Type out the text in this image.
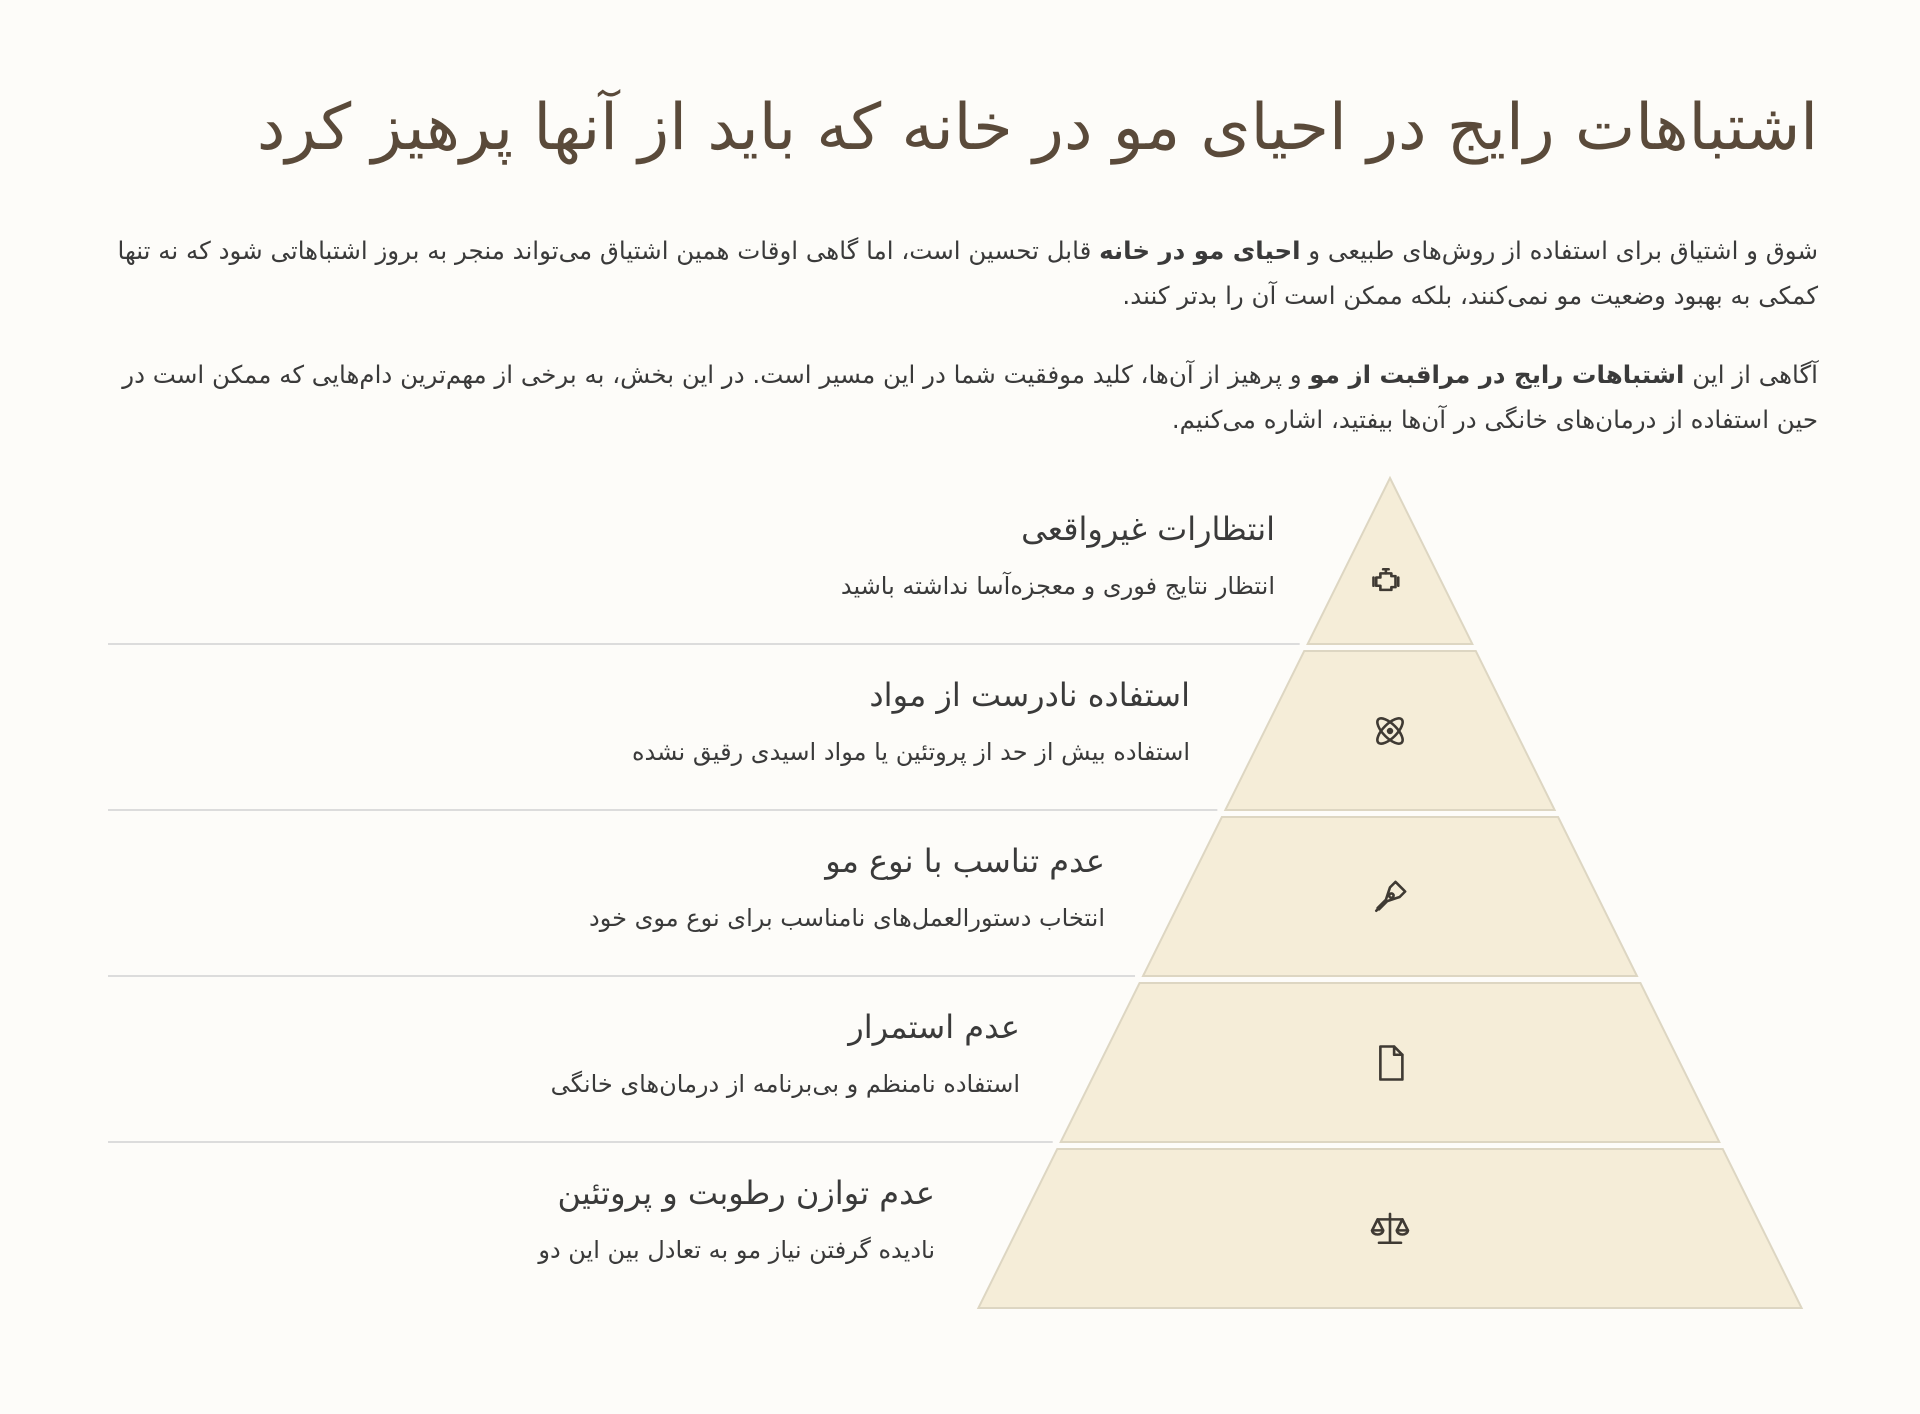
اشتباهات رایج در احیای مو در خانه که باید از آنها پرهیز کرد

شوق و اشتیاق برای استفاده از روش‌های طبیعی و احیای مو در خانه قابل تحسین است، اما گاهی اوقات همین اشتیاق می‌تواند منجر به بروز اشتباهاتی شود که نه تنها کمکی به بهبود وضعیت مو نمی‌کنند، بلکه ممکن است آن را بدتر کنند.

آگاهی از این اشتباهات رایج در مراقبت از مو و پرهیز از آن‌ها، کلید موفقیت شما در این مسیر است. در این بخش، به برخی از مهم‌ترین دام‌هایی که ممکن است در حین استفاده از درمان‌های خانگی در آن‌ها بیفتید، اشاره می‌کنیم.

انتظارات غیرواقعی
انتظار نتایج فوری و معجزه‌آسا نداشته باشید
استفاده نادرست از مواد
استفاده بیش از حد از پروتئین یا مواد اسیدی رقیق نشده
عدم تناسب با نوع مو
انتخاب دستورالعمل‌های نامناسب برای نوع موی خود
عدم استمرار
استفاده نامنظم و بی‌برنامه از درمان‌های خانگی
عدم توازن رطوبت و پروتئین
نادیده گرفتن نیاز مو به تعادل بین این دو
